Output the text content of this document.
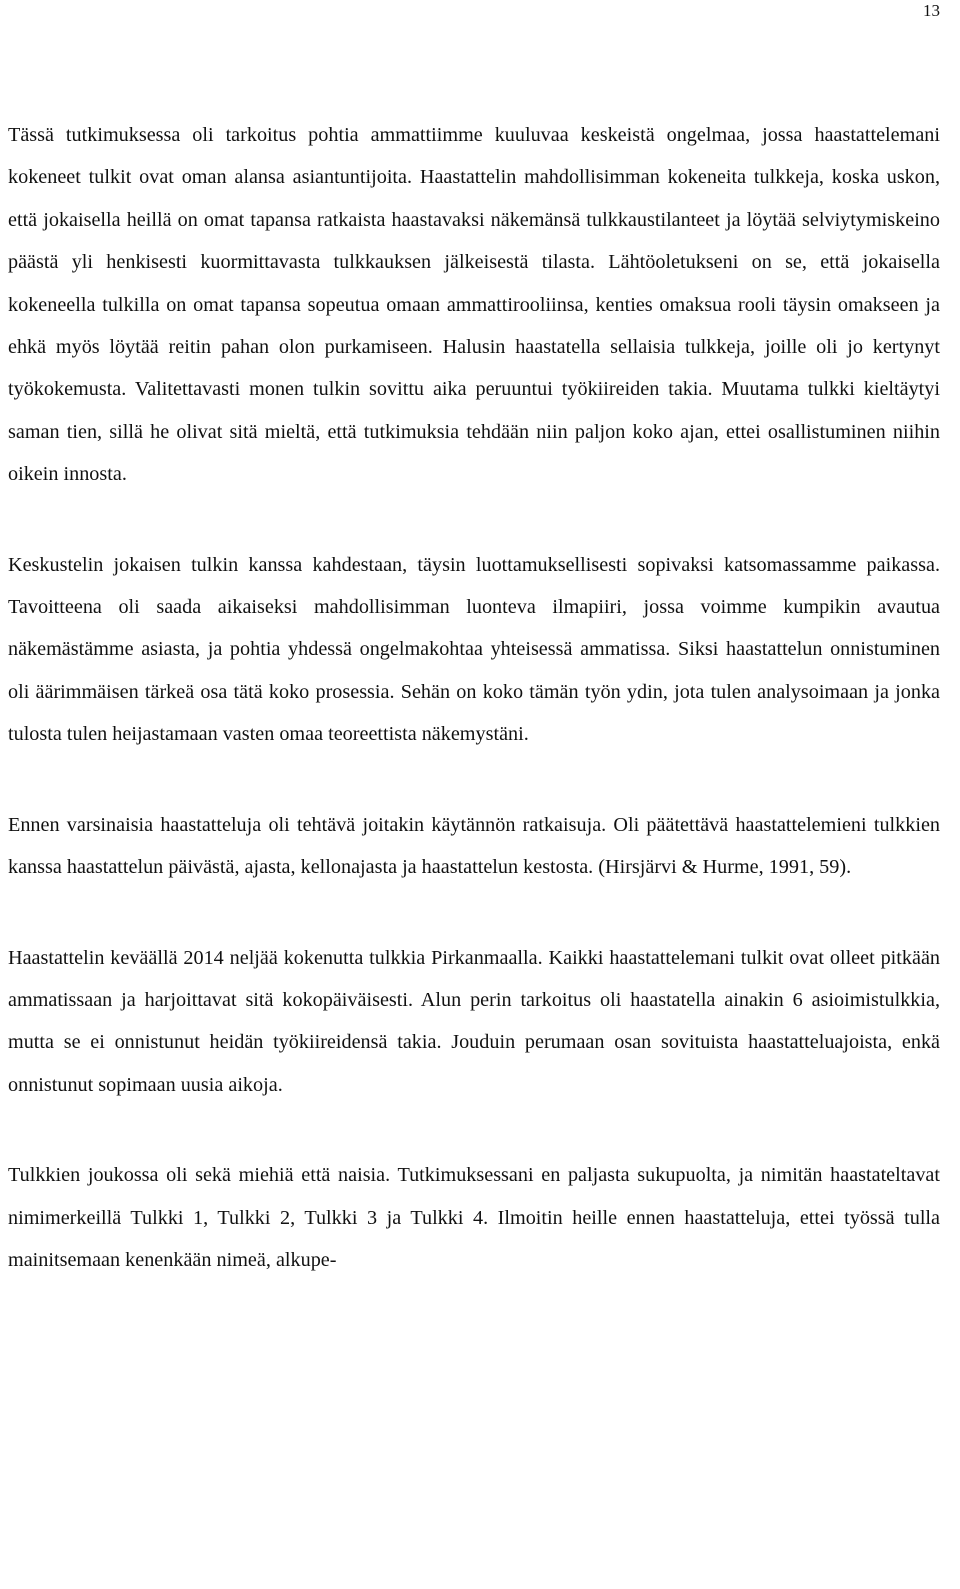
13

Tässä tutkimuksessa oli tarkoitus pohtia ammattiimme kuuluvaa keskeistä ongelmaa, jossa haastattelemani kokeneet tulkit ovat oman alansa asiantuntijoita. Haastattelin mahdollisimman kokeneita tulkkeja, koska uskon, että jokaisella heillä on omat tapansa ratkaista haastavaksi näkemänsä tulkkaustilanteet ja löytää selviytymiskeino päästä yli henkisesti kuormittavasta tulkkauksen jälkeisestä tilasta. Lähtöoletukseni on se, että jokaisella kokeneella tulkilla on omat tapansa sopeutua omaan ammattirooliinsa, kenties omaksua rooli täysin omakseen ja ehkä myös löytää reitin pahan olon purkamiseen. Halusin haastatella sellaisia tulkkeja, joille oli jo kertynyt työkokemusta. Valitettavasti monen tulkin sovittu aika peruuntui työkiireiden takia. Muutama tulkki kieltäytyi saman tien, sillä he olivat sitä mieltä, että tutkimuksia tehdään niin paljon koko ajan, ettei osallistuminen niihin oikein innosta.

Keskustelin jokaisen tulkin kanssa kahdestaan, täysin luottamuksellisesti sopivaksi katsomassamme paikassa. Tavoitteena oli saada aikaiseksi mahdollisimman luonteva ilmapiiri, jossa voimme kumpikin avautua näkemästämme asiasta, ja pohtia yhdessä ongelmakohtaa yhteisessä ammatissa. Siksi haastattelun onnistuminen oli äärimmäisen tärkeä osa tätä koko prosessia. Sehän on koko tämän työn ydin, jota tulen analysoimaan ja jonka tulosta tulen heijastamaan vasten omaa teoreettista näkemystäni.

Ennen varsinaisia haastatteluja oli tehtävä joitakin käytännön ratkaisuja. Oli päätettävä haastattelemieni tulkkien kanssa haastattelun päivästä, ajasta, kellonajasta ja haastattelun kestosta. (Hirsjärvi & Hurme, 1991, 59).

Haastattelin keväällä 2014 neljää kokenutta tulkkia Pirkanmaalla. Kaikki haastattelemani tulkit ovat olleet pitkään ammatissaan ja harjoittavat sitä kokopäiväisesti. Alun perin tarkoitus oli haastatella ainakin 6 asioimistulkkia, mutta se ei onnistunut heidän työkiireidensä takia. Jouduin perumaan osan sovituista haastatteluajoista, enkä onnistunut sopimaan uusia aikoja.

Tulkkien joukossa oli sekä miehiä että naisia. Tutkimuksessani en paljasta sukupuolta, ja nimitän haastateltavat nimimerkeillä Tulkki 1, Tulkki 2, Tulkki 3 ja Tulkki 4. Ilmoitin heille ennen haastatteluja, ettei työssä tulla mainitsemaan kenenkään nimeä, alkupe-
